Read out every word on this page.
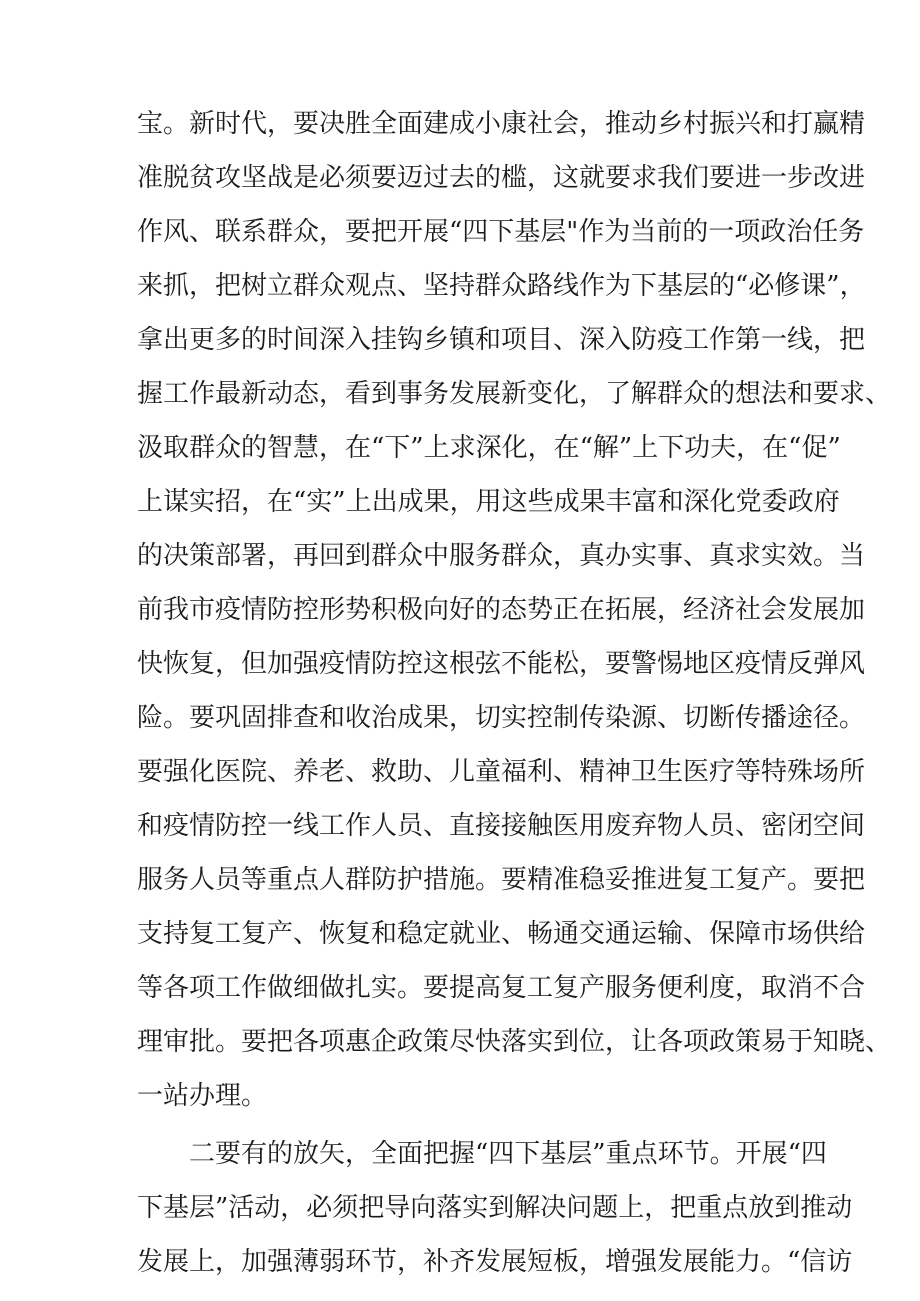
宝。新时代，要决胜全面建成小康社会，推动乡村振兴和打赢精

准脱贫攻坚战是必须要迈过去的槛，这就要求我们要进一步改进

作风、联系群众，要把开展“四下基层"作为当前的一项政治任务

来抓，把树立群众观点、坚持群众路线作为下基层的“必修课”，

拿出更多的时间深入挂钩乡镇和项目、深入防疫工作第一线，把

握工作最新动态，看到事务发展新变化，了解群众的想法和要求、

汲取群众的智慧，在“下”上求深化，在“解”上下功夫，在“促”

上谋实招，在“实”上出成果，用这些成果丰富和深化党委政府

的决策部署，再回到群众中服务群众，真办实事、真求实效。当

前我市疫情防控形势积极向好的态势正在拓展，经济社会发展加

快恢复，但加强疫情防控这根弦不能松，要警惕地区疫情反弹风

险。要巩固排查和收治成果，切实控制传染源、切断传播途径。

要强化医院、养老、救助、儿童福利、精神卫生医疗等特殊场所

和疫情防控一线工作人员、直接接触医用废弃物人员、密闭空间

服务人员等重点人群防护措施。要精准稳妥推进复工复产。要把

支持复工复产、恢复和稳定就业、畅通交通运输、保障市场供给

等各项工作做细做扎实。要提高复工复产服务便利度，取消不合

理审批。要把各项惠企政策尽快落实到位，让各项政策易于知晓、

一站办理。

二要有的放矢，全面把握“四下基层”重点环节。开展“四

下基层”活动，必须把导向落实到解决问题上，把重点放到推动

发展上，加强薄弱环节，补齐发展短板，增强发展能力。“信访
